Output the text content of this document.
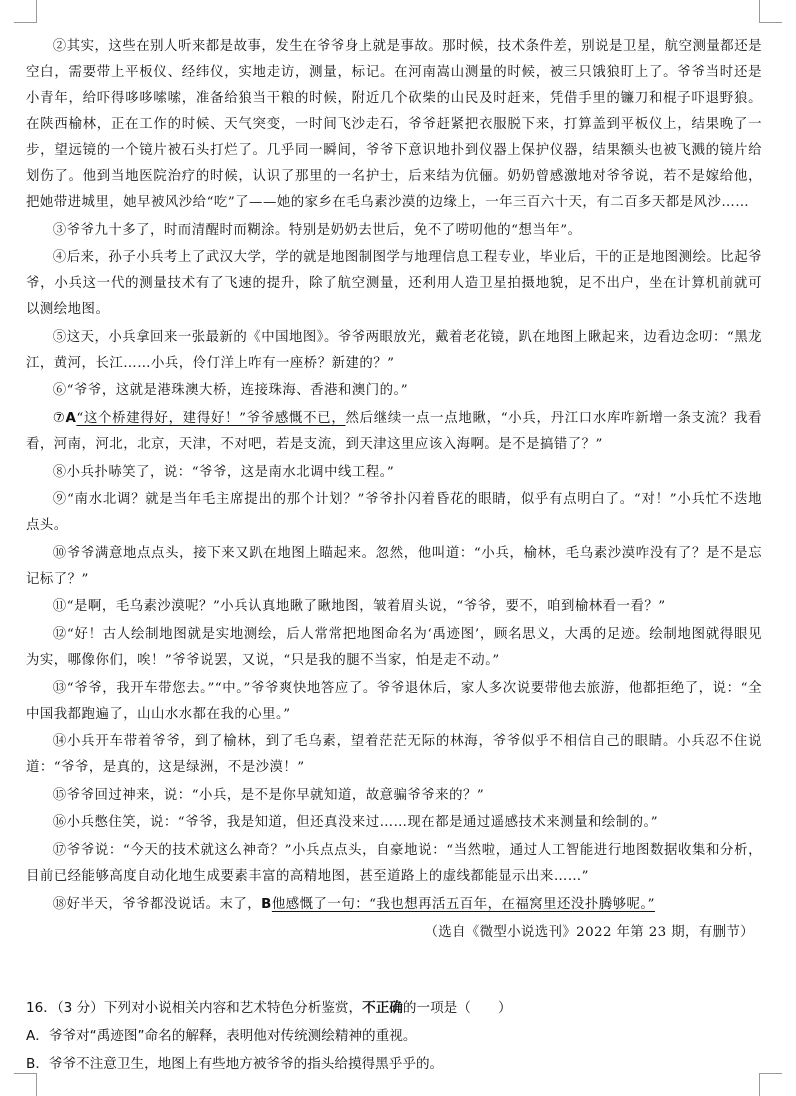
②其实，这些在别人听来都是故事，发生在爷爷身上就是事故。那时候，技术条件差，别说是卫星，航空测量都还是空白，需要带上平板仪、经纬仪，实地走访，测量，标记。在河南嵩山测量的时候，被三只饿狼盯上了。爷爷当时还是小青年，给吓得哆哆嗦嗦，准备给狼当干粮的时候，附近几个砍柴的山民及时赶来，凭借手里的镰刀和棍子吓退野狼。在陕西榆林，正在工作的时候、天气突变，一时间飞沙走石，爷爷赶紧把衣服脱下来，打算盖到平板仪上，结果晚了一步，望远镜的一个镜片被石头打烂了。几乎同一瞬间，爷爷下意识地扑到仪器上保护仪器，结果额头也被飞溅的镜片给划伤了。他到当地医院治疗的时候，认识了那里的一名护士，后来结为伉俪。奶奶曾感激地对爷爷说，若不是嫁给他，把她带进城里，她早被风沙给“吃”了——她的家乡在毛乌素沙漠的边缘上，一年三百六十天，有二百多天都是风沙……

③爷爷九十多了，时而清醒时而糊涂。特别是奶奶去世后，免不了唠叨他的“想当年”。

④后来，孙子小兵考上了武汉大学，学的就是地图制图学与地理信息工程专业，毕业后，干的正是地图测绘。比起爷爷，小兵这一代的测量技术有了飞速的提升，除了航空测量，还利用人造卫星拍摄地貌，足不出户，坐在计算机前就可以测绘地图。

⑤这天，小兵拿回来一张最新的《中国地图》。爷爷两眼放光，戴着老花镜，趴在地图上瞅起来，边看边念叨：“黑龙江，黄河，长江……小兵，伶仃洋上咋有一座桥？新建的？”

⑥“爷爷，这就是港珠澳大桥，连接珠海、香港和澳门的。”

⑦A“这个桥建得好，建得好！”爷爷感慨不已，然后继续一点一点地瞅，“小兵，丹江口水库咋新增一条支流？我看看，河南，河北，北京，天津，不对吧，若是支流，到天津这里应该入海啊。是不是搞错了？”

⑧小兵扑哧笑了，说：“爷爷，这是南水北调中线工程。”

⑨“南水北调？就是当年毛主席提出的那个计划？”爷爷扑闪着昏花的眼睛，似乎有点明白了。“对！”小兵忙不迭地点头。

⑩爷爷满意地点点头，接下来又趴在地图上瞄起来。忽然，他叫道：“小兵，榆林，毛乌素沙漠咋没有了？是不是忘记标了？”

⑪“是啊，毛乌素沙漠呢？”小兵认真地瞅了瞅地图，皱着眉头说，“爷爷，要不，咱到榆林看一看？”

⑫“好！古人绘制地图就是实地测绘，后人常常把地图命名为‘禹迹图’，顾名思义，大禹的足迹。绘制地图就得眼见为实，哪像你们，唉！”爷爷说罢，又说，“只是我的腿不当家，怕是走不动。”

⑬“爷爷，我开车带您去。”“中。”爷爷爽快地答应了。爷爷退休后，家人多次说要带他去旅游，他都拒绝了，说：“全中国我都跑遍了，山山水水都在我的心里。”

⑭小兵开车带着爷爷，到了榆林，到了毛乌素，望着茫茫无际的林海，爷爷似乎不相信自己的眼睛。小兵忍不住说道：“爷爷，是真的，这是绿洲，不是沙漠！”

⑮爷爷回过神来，说：“小兵，是不是你早就知道，故意骗爷爷来的？”

⑯小兵憋住笑，说：“爷爷，我是知道，但还真没来过……现在都是通过遥感技术来测量和绘制的。”

⑰爷爷说：“今天的技术就这么神奇？”小兵点点头，自豪地说：“当然啦，通过人工智能进行地图数据收集和分析，目前已经能够高度自动化地生成要素丰富的高精地图，甚至道路上的虚线都能显示出来……”

⑱好半天，爷爷都没说话。末了，B他感慨了一句：“我也想再活五百年，在福窝里还没扑腾够呢。”

（选自《微型小说选刊》2022 年第 23 期，有删节）

16．（3 分）下列对小说相关内容和艺术特色分析鉴赏，不正确的一项是（　　）

A．爷爷对“禹迹图”命名的解释，表明他对传统测绘精神的重视。

B．爷爷不注意卫生，地图上有些地方被爷爷的指头给摸得黑乎乎的。
